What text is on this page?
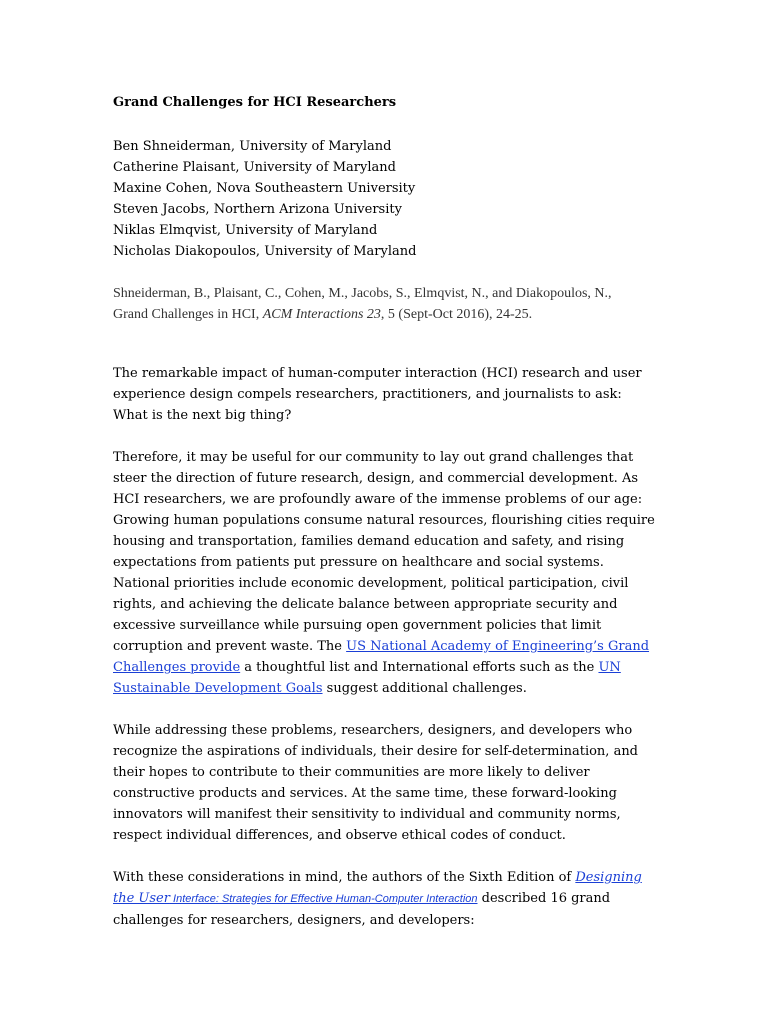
Grand Challenges for HCI Researchers
Ben Shneiderman, University of Maryland
Catherine Plaisant, University of Maryland
Maxine Cohen, Nova Southeastern University
Steven Jacobs, Northern Arizona University
Niklas Elmqvist, University of Maryland
Nicholas Diakopoulos, University of Maryland
Shneiderman, B., Plaisant, C., Cohen, M., Jacobs, S., Elmqvist, N., and Diakopoulos, N.,
Grand Challenges in HCI, ACM Interactions 23, 5 (Sept-Oct 2016), 24-25.

The remarkable impact of human-computer interaction (HCI) research and user experience design compels researchers, practitioners, and journalists to ask: What is the next big thing?

Therefore, it may be useful for our community to lay out grand challenges that steer the direction of future research, design, and commercial development. As HCI researchers, we are profoundly aware of the immense problems of our age: Growing human populations consume natural resources, flourishing cities require housing and transportation, families demand education and safety, and rising expectations from patients put pressure on healthcare and social systems. National priorities include economic development, political participation, civil rights, and achieving the delicate balance between appropriate security and excessive surveillance while pursuing open government policies that limit corruption and prevent waste. The US National Academy of Engineering’s Grand Challenges provide a thoughtful list and International efforts such as the UN Sustainable Development Goals suggest additional challenges.

While addressing these problems, researchers, designers, and developers who recognize the aspirations of individuals, their desire for self-determination, and their hopes to contribute to their communities are more likely to deliver constructive products and services. At the same time, these forward-looking innovators will manifest their sensitivity to individual and community norms, respect individual differences, and observe ethical codes of conduct.

With these considerations in mind, the authors of the Sixth Edition of Designing the User Interface: Strategies for Effective Human-Computer Interaction described 16 grand challenges for researchers, designers, and developers:
